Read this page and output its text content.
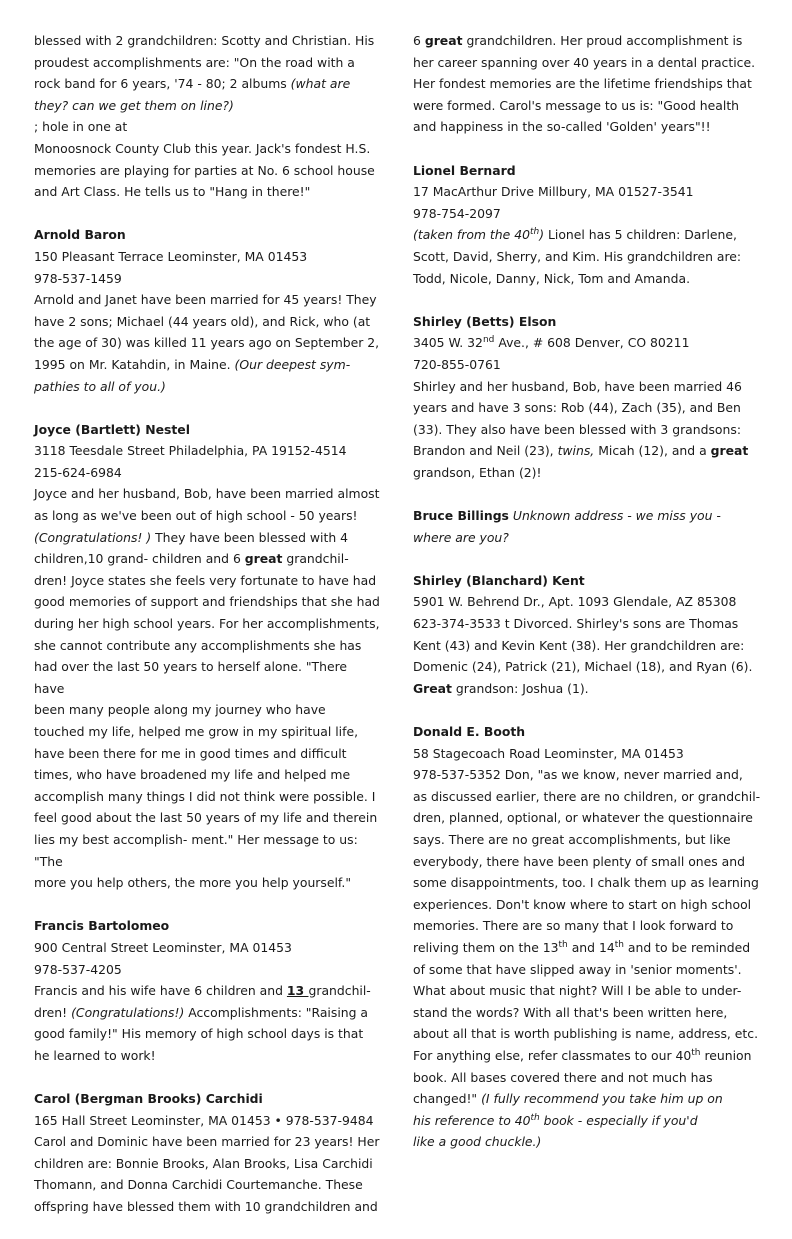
blessed with 2 grandchildren: Scotty and Christian. His
proudest accomplishments are: "On the road with a
rock band for 6 years, '74 - 80; 2 albums (what are they? can we get them on line?)
; hole in one at
Monoosnock County Club this year. Jack's fondest H.S.
memories are playing for parties at No. 6 school house
and Art Class. He tells us to "Hang in there!"
Arnold Baron
150 Pleasant Terrace Leominster, MA 01453
978-537-1459
Arnold and Janet have been married for 45 years! They
have 2 sons; Michael (44 years old), and Rick, who (at
the age of 30) was killed 11 years ago on September 2,
1995 on Mr. Katahdin, in Maine. (Our deepest sym-
pathies to all of you.)
Joyce (Bartlett) Nestel
3118 Teesdale Street Philadelphia, PA 19152-4514
215-624-6984
Joyce and her husband, Bob, have been married almost
as long as we've been out of high school - 50 years!
(Congratulations! ) They have been blessed with 4
children,10 grand- children and 6 great grandchil-
dren! Joyce states she feels very fortunate to have had
good memories of support and friendships that she had
during her high school years. For her accomplishments,
she cannot contribute any accomplishments she has
had over the last 50 years to herself alone. "There have
been many people along my journey who have
touched my life, helped me grow in my spiritual life,
have been there for me in good times and difficult
times, who have broadened my life and helped me
accomplish many things I did not think were possible. I
feel good about the last 50 years of my life and therein
lies my best accomplish- ment." Her message to us: "The
more you help others, the more you help yourself."
Francis Bartolomeo
900 Central Street Leominster, MA 01453
978-537-4205
Francis and his wife have 6 children and 13 grandchil-
dren! (Congratulations!) Accomplishments: "Raising a
good family!" His memory of high school days is that
he learned to work!
Carol (Bergman Brooks) Carchidi
165 Hall Street Leominster, MA 01453 • 978-537-9484
Carol and Dominic have been married for 23 years! Her
children are: Bonnie Brooks, Alan Brooks, Lisa Carchidi
Thomann, and Donna Carchidi Courtemanche. These
offspring have blessed them with 10 grandchildren and
6 great grandchildren. Her proud accomplishment is
her career spanning over 40 years in a dental practice.
Her fondest memories are the lifetime friendships that
were formed. Carol's message to us is: "Good health
and happiness in the so-called 'Golden' years"!!
Lionel Bernard
17 MacArthur Drive Millbury, MA 01527-3541
978-754-2097
(taken from the 40th) Lionel has 5 children: Darlene,
Scott, David, Sherry, and Kim. His grandchildren are:
Todd, Nicole, Danny, Nick, Tom and Amanda.
Shirley (Betts) Elson
3405 W. 32nd Ave., # 608 Denver, CO 80211
720-855-0761
Shirley and her husband, Bob, have been married 46
years and have 3 sons: Rob (44), Zach (35), and Ben
(33). They also have been blessed with 3 grandsons:
Brandon and Neil (23), twins, Micah (12), and a great
grandson, Ethan (2)!
Bruce Billings Unknown address - we miss you -
where are you?
Shirley (Blanchard) Kent
5901 W. Behrend Dr., Apt. 1093 Glendale, AZ 85308
623-374-3533 t Divorced. Shirley's sons are Thomas
Kent (43) and Kevin Kent (38). Her grandchildren are:
Domenic (24), Patrick (21), Michael (18), and Ryan (6).
Great grandson: Joshua (1).
Donald E. Booth
58 Stagecoach Road Leominster, MA 01453
978-537-5352 Don, "as we know, never married and,
as discussed earlier, there are no children, or grandchil-
dren, planned, optional, or whatever the questionnaire
says. There are no great accomplishments, but like
everybody, there have been plenty of small ones and
some disappointments, too. I chalk them up as learning
experiences. Don't know where to start on high school
memories. There are so many that I look forward to
reliving them on the 13th and 14th and to be reminded
of some that have slipped away in 'senior moments'.
What about music that night? Will I be able to under-
stand the words? With all that's been written here,
about all that is worth publishing is name, address, etc.
For anything else, refer classmates to our 40th reunion
book. All bases covered there and not much has
changed!" (I fully recommend you take him up on
his reference to 40th book - especially if you'd
like a good chuckle.)
